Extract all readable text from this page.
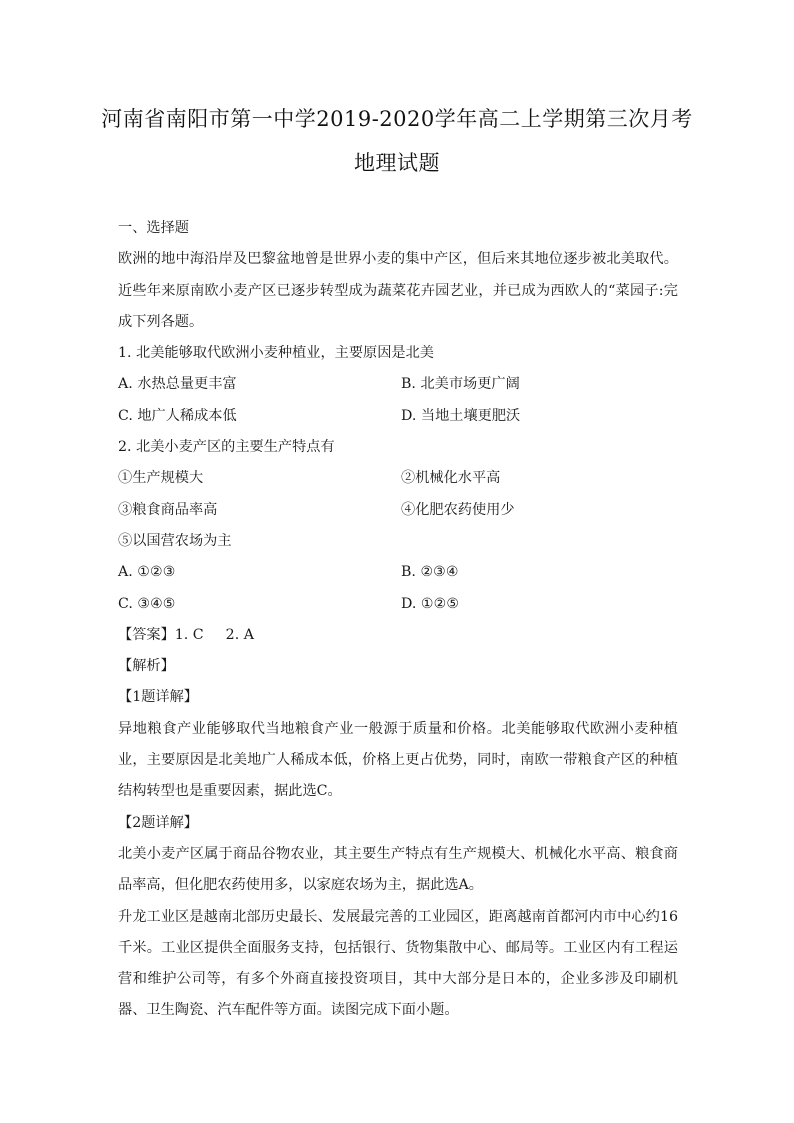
河南省南阳市第一中学2019-2020学年高二上学期第三次月考
地理试题
一、选择题
欧洲的地中海沿岸及巴黎盆地曾是世界小麦的集中产区，但后来其地位逐步被北美取代。近些年来原南欧小麦产区已逐步转型成为蔬菜花卉园艺业，并已成为西欧人的“菜园子:完成下列各题。
1. 北美能够取代欧洲小麦种植业，主要原因是北美
A. 水热总量更丰富	B. 北美市场更广阔
C. 地广人稀成本低	D. 当地土壤更肥沃
2. 北美小麦产区的主要生产特点有
①生产规模大	②机械化水平高
③粮食商品率高	④化肥农药使用少
⑤以国营农场为主
A. ①②③	B. ②③④
C. ③④⑤	D. ①②⑤
【答案】1. C 2. A
【解析】
【1题详解】
异地粮食产业能够取代当地粮食产业一般源于质量和价格。北美能够取代欧洲小麦种植业，主要原因是北美地广人稀成本低，价格上更占优势，同时，南欧一带粮食产区的种植结构转型也是重要因素，据此选C。
【2题详解】
北美小麦产区属于商品谷物农业，其主要生产特点有生产规模大、机械化水平高、粮食商品率高，但化肥农药使用多，以家庭农场为主，据此选A。
升龙工业区是越南北部历史最长、发展最完善的工业园区，距离越南首都河内市中心约16千米。工业区提供全面服务支持，包括银行、货物集散中心、邮局等。工业区内有工程运营和维护公司等，有多个外商直接投资项目，其中大部分是日本的，企业多涉及印刷机器、卫生陶瓷、汽车配件等方面。读图完成下面小题。
